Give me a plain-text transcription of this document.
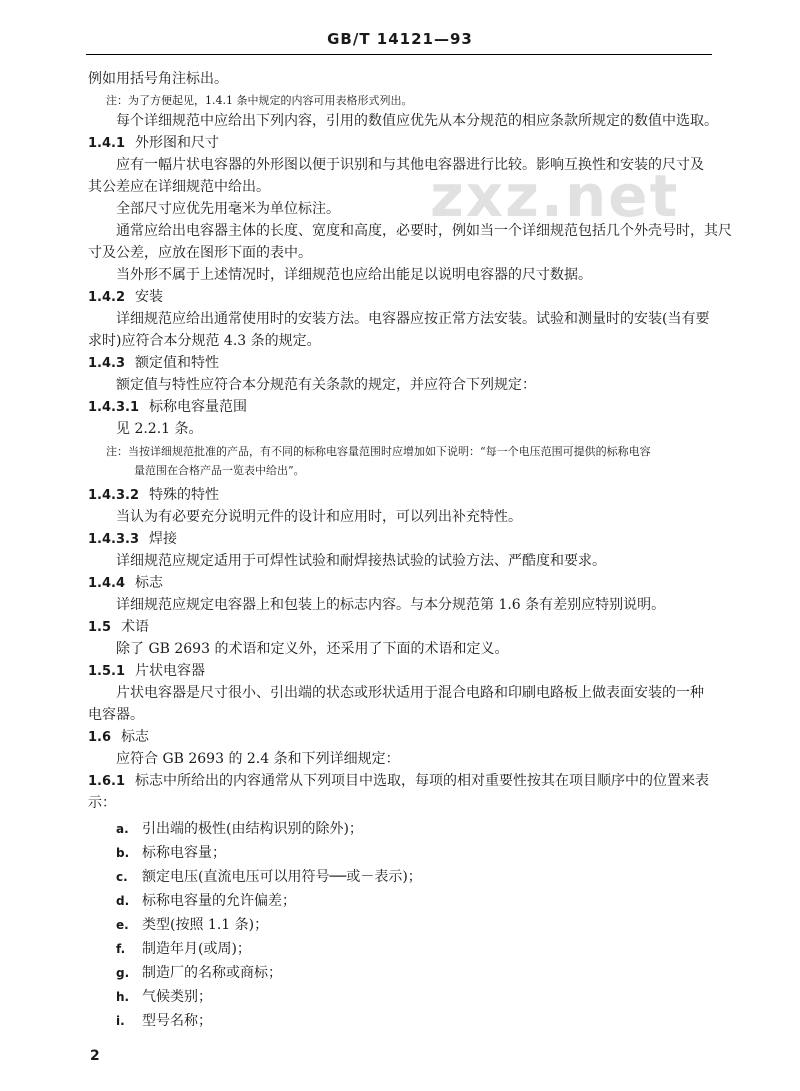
GB/T 14121—93
zxz.net
例如用括号角注标出。
注：为了方便起见，1.4.1 条中规定的内容可用表格形式列出。
每个详细规范中应给出下列内容，引用的数值应优先从本分规范的相应条款所规定的数值中选取。
1.4.1 外形图和尺寸
应有一幅片状电容器的外形图以便于识别和与其他电容器进行比较。影响互换性和安装的尺寸及
其公差应在详细规范中给出。
全部尺寸应优先用毫米为单位标注。
通常应给出电容器主体的长度、宽度和高度，必要时，例如当一个详细规范包括几个外壳号时，其尺
寸及公差，应放在图形下面的表中。
当外形不属于上述情况时，详细规范也应给出能足以说明电容器的尺寸数据。
1.4.2 安装
详细规范应给出通常使用时的安装方法。电容器应按正常方法安装。试验和测量时的安装(当有要
求时)应符合本分规范 4.3 条的规定。
1.4.3 额定值和特性
额定值与特性应符合本分规范有关条款的规定，并应符合下列规定：
1.4.3.1 标称电容量范围
见 2.2.1 条。
注：当按详细规范批准的产品，有不同的标称电容量范围时应增加如下说明：“每一个电压范围可提供的标称电容
量范围在合格产品一览表中给出”。
1.4.3.2 特殊的特性
当认为有必要充分说明元件的设计和应用时，可以列出补充特性。
1.4.3.3 焊接
详细规范应规定适用于可焊性试验和耐焊接热试验的试验方法、严酷度和要求。
1.4.4 标志
详细规范应规定电容器上和包装上的标志内容。与本分规范第 1.6 条有差别应特别说明。
1.5 术语
除了 GB 2693 的术语和定义外，还采用了下面的术语和定义。
1.5.1 片状电容器
片状电容器是尺寸很小、引出端的状态或形状适用于混合电路和印刷电路板上做表面安装的一种
电容器。
1.6 标志
应符合 GB 2693 的 2.4 条和下列详细规定：
1.6.1 标志中所给出的内容通常从下列项目中选取，每项的相对重要性按其在项目顺序中的位置来表
示：
a. 引出端的极性(由结构识别的除外)；
b. 标称电容量；
c. 额定电压(直流电压可以用符号──或－表示)；
d. 标称电容量的允许偏差；
e. 类型(按照 1.1 条)；
f. 制造年月(或周)；
g. 制造厂的名称或商标；
h. 气候类别；
i. 型号名称；
2
